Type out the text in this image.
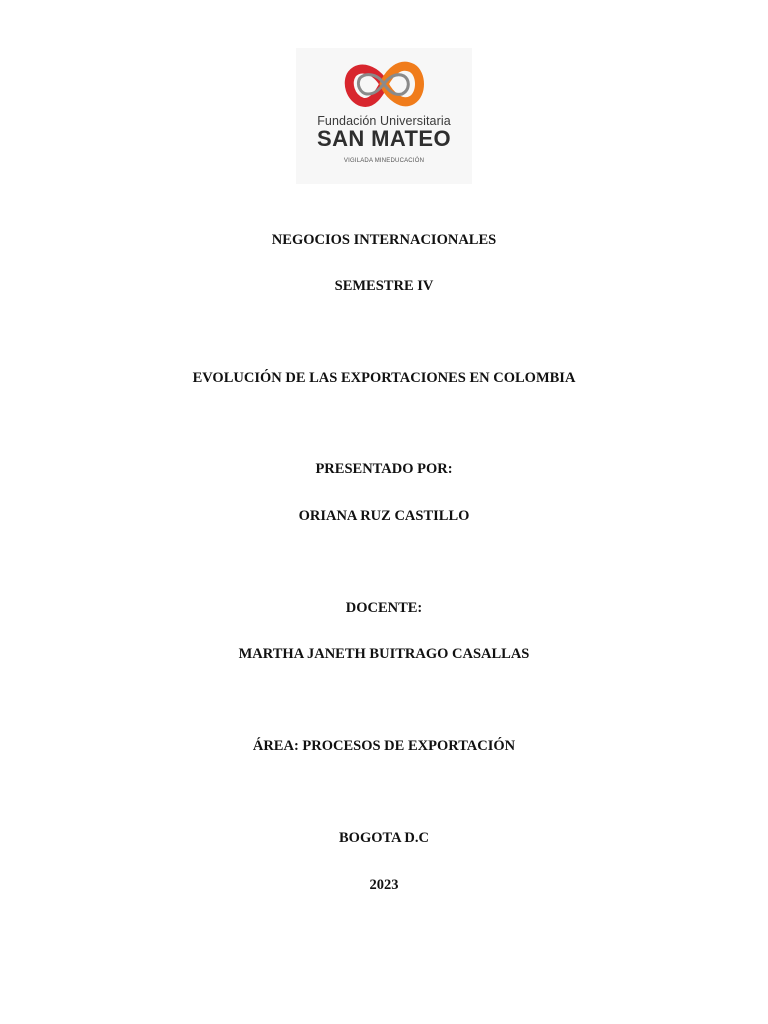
Fundación Universitaria
SAN MATEO
VIGILADA MINEDUCACIÓN

NEGOCIOS INTERNACIONALES

SEMESTRE IV

EVOLUCIÓN DE LAS EXPORTACIONES EN COLOMBIA

PRESENTADO POR:

ORIANA RUZ CASTILLO

DOCENTE:

MARTHA JANETH BUITRAGO CASALLAS

ÁREA: PROCESOS DE EXPORTACIÓN

BOGOTA D.C

2023
